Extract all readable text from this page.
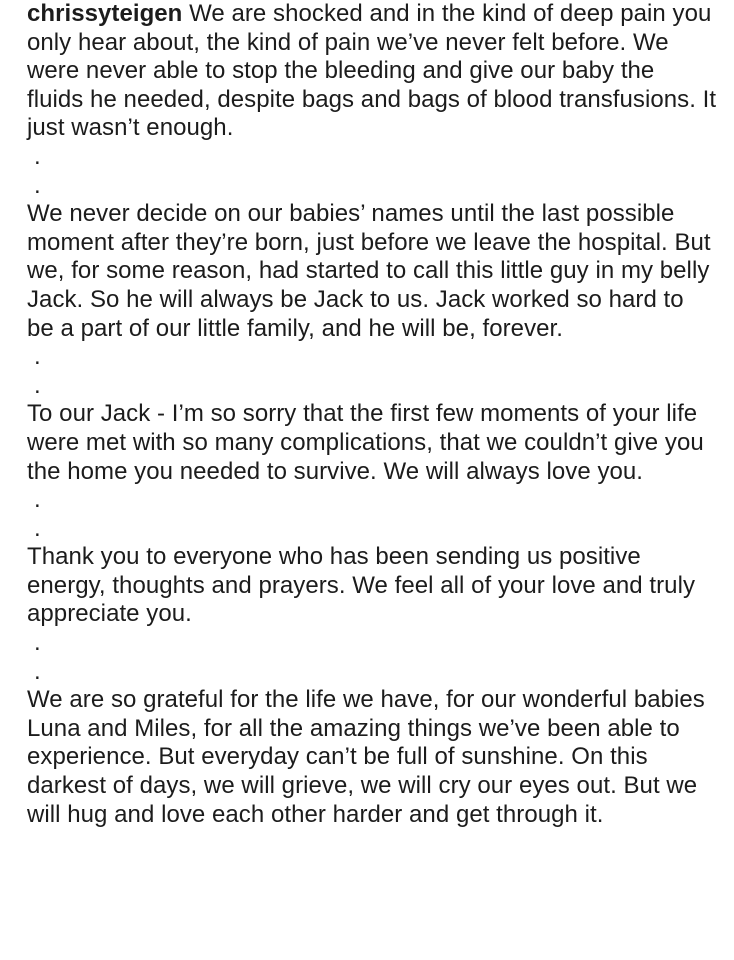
chrissyteigen We are shocked and in the kind of deep pain you only hear about, the kind of pain we’ve never felt before. We were never able to stop the bleeding and give our baby the fluids he needed, despite bags and bags of blood transfusions. It just wasn’t enough.

.

.

We never decide on our babies’ names until the last possible moment after they’re born, just before we leave the hospital. But we, for some reason, had started to call this little guy in my belly Jack. So he will always be Jack to us. Jack worked so hard to be a part of our little family, and he will be, forever.

.

.

To our Jack - I’m so sorry that the first few moments of your life were met with so many complications, that we couldn’t give you the home you needed to survive. We will always love you.

.

.

Thank you to everyone who has been sending us positive energy, thoughts and prayers. We feel all of your love and truly appreciate you.

.

.

We are so grateful for the life we have, for our wonderful babies Luna and Miles, for all the amazing things we’ve been able to experience. But everyday can’t be full of sunshine. On this darkest of days, we will grieve, we will cry our eyes out. But we will hug and love each other harder and get through it.
